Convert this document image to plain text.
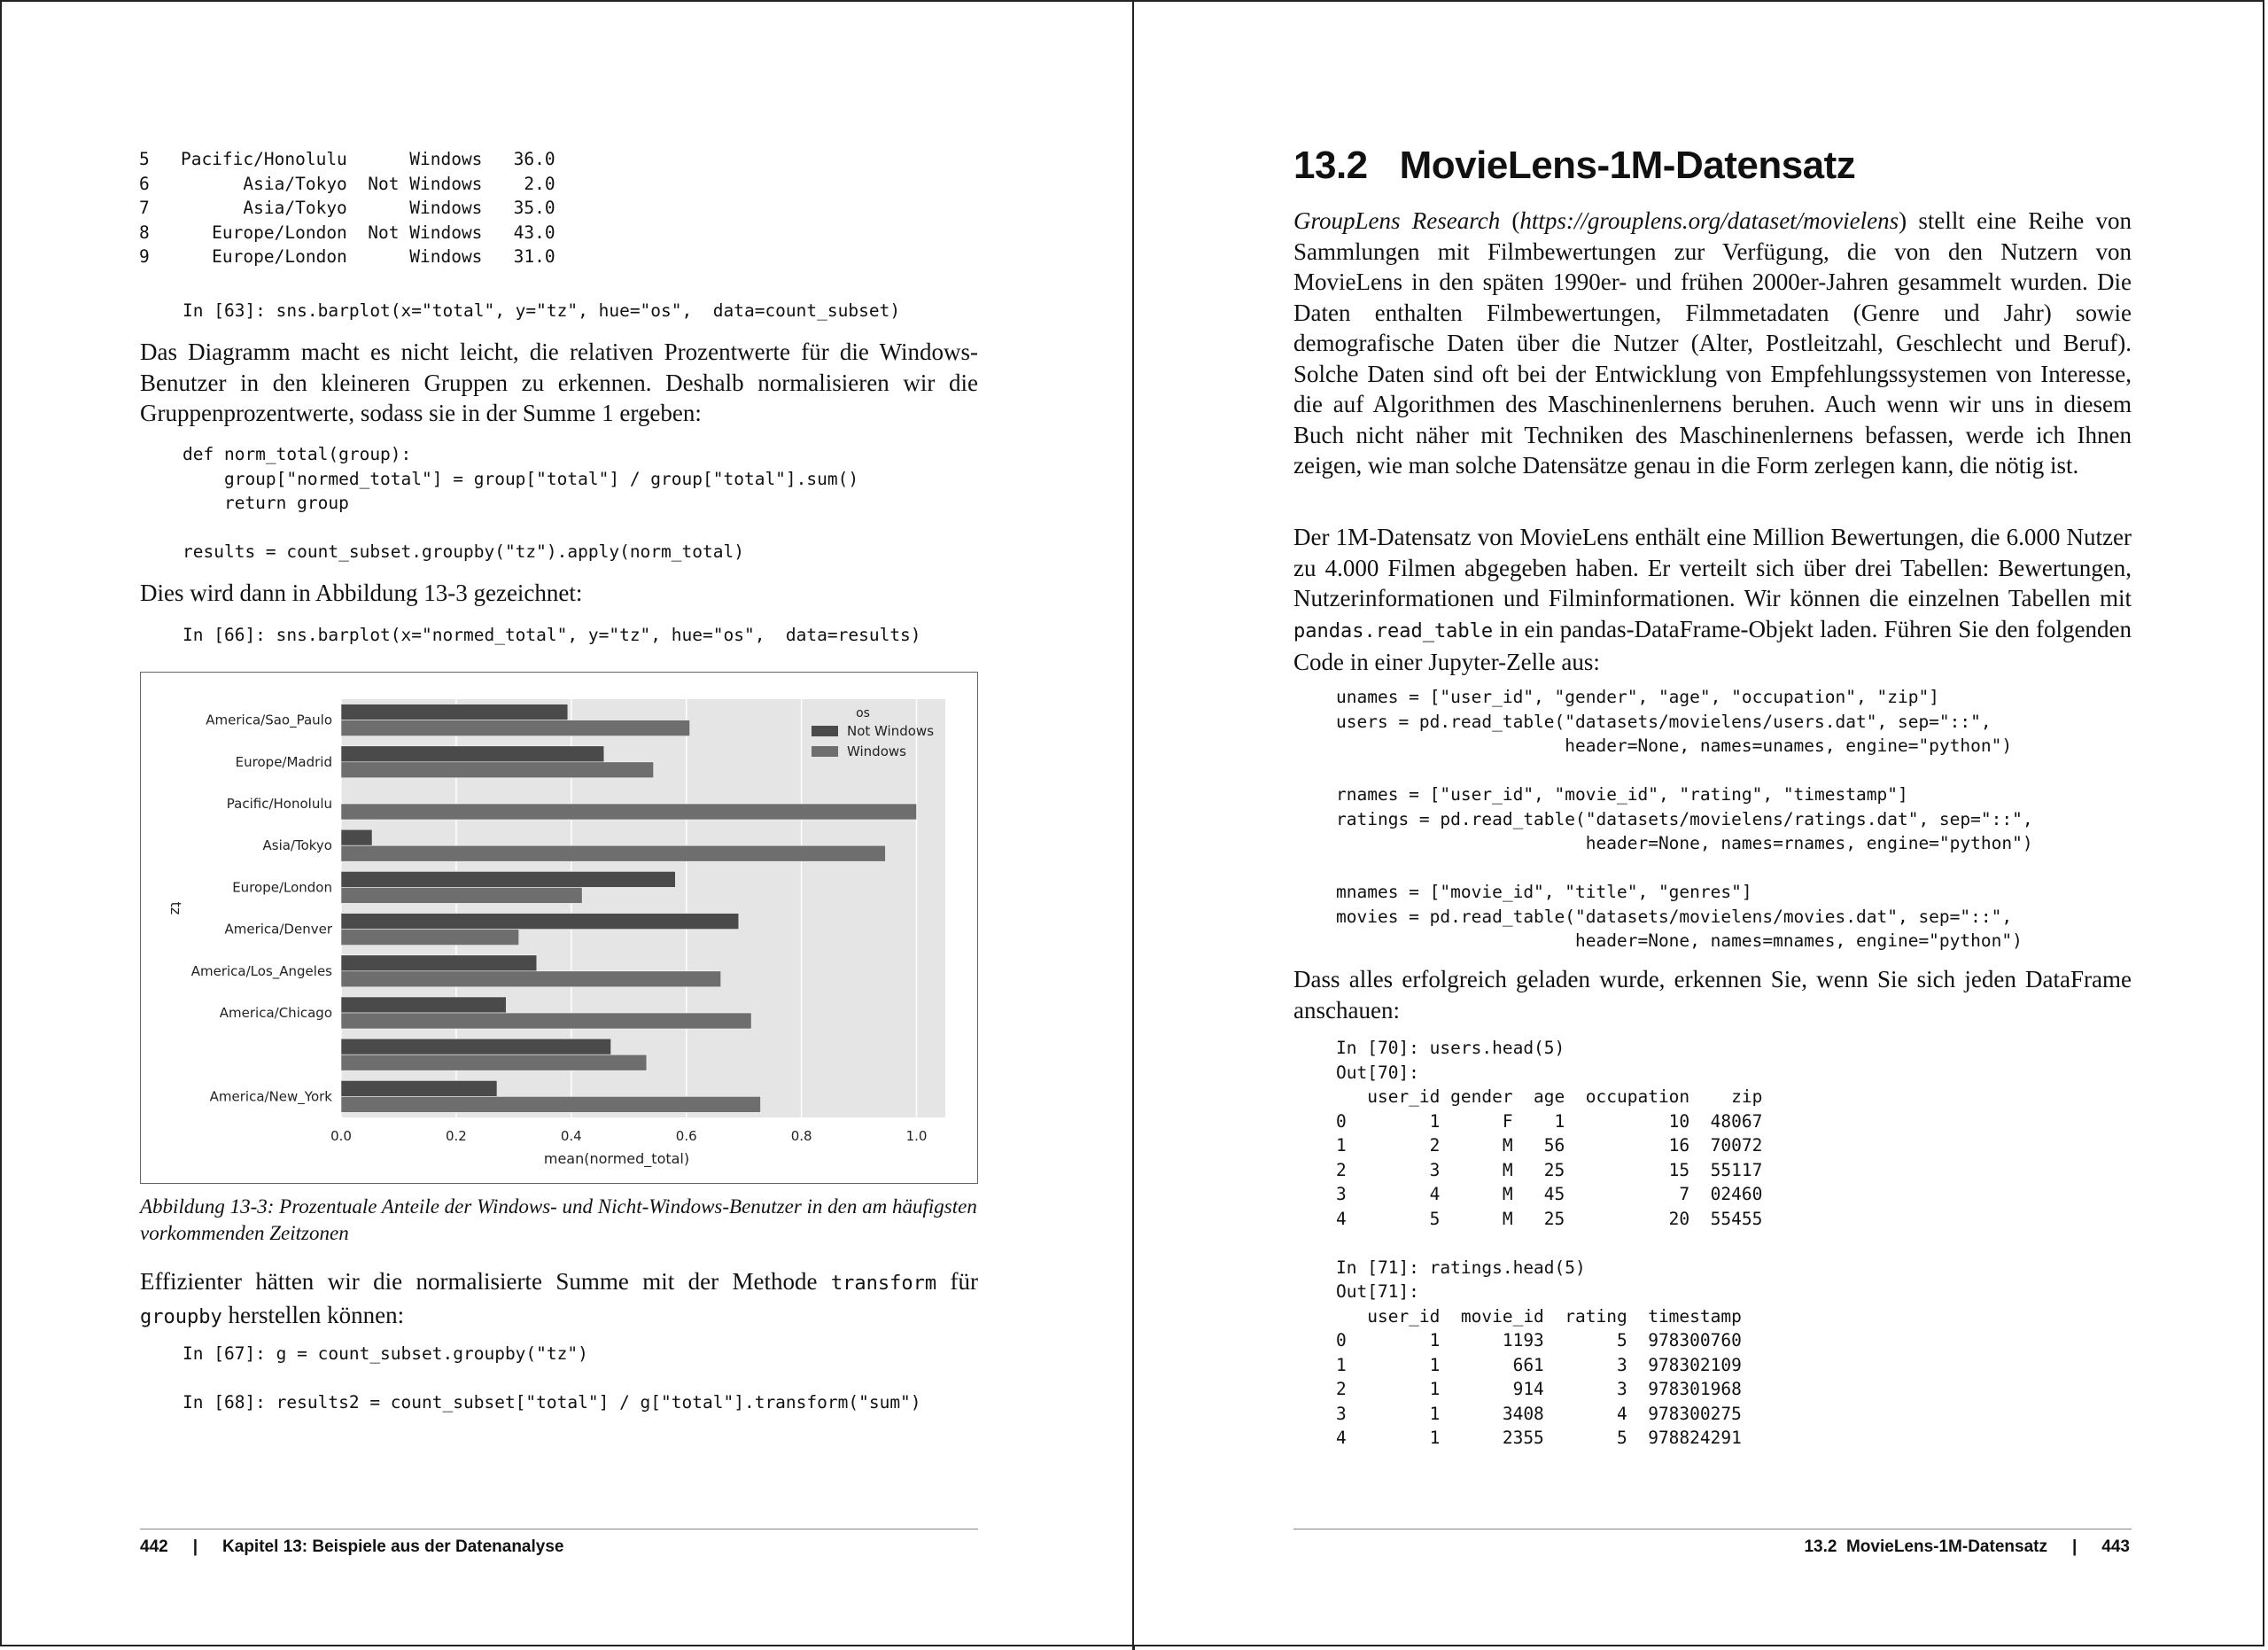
5   Pacific/Honolulu      Windows   36.0
6         Asia/Tokyo  Not Windows    2.0
7         Asia/Tokyo      Windows   35.0
8      Europe/London  Not Windows   43.0
9      Europe/London      Windows   31.0
In [63]: sns.barplot(x="total", y="tz", hue="os",  data=count_subset)

Das Diagramm macht es nicht leicht, die relativen Prozentwerte für die Windows-Benutzer in den kleineren Gruppen zu erkennen. Deshalb normalisieren wir die Gruppenprozentwerte, sodass sie in der Summe 1 ergeben:

def norm_total(group):
group["normed_total"] = group["total"] / group["total"].sum()
return group

results = count_subset.groupby("tz").apply(norm_total)

Dies wird dann in Abbildung 13-3 gezeichnet:

In [66]: sns.barplot(x="normed_total", y="tz", hue="os",  data=results)
0.0	0.2	0.4	0.6	0.8	1.0
America/Sao_Paulo
Europe/Madrid
Pacific/Honolulu
Asia/Tokyo
Europe/London
America/Denver
America/Los_Angeles
America/Chicago
America/New_York
mean(normed_total)
tz
os
Not Windows
Windows

Abbildung 13-3: Prozentuale Anteile der Windows- und Nicht-Windows-Benutzer in den am häufigsten vorkommenden Zeitzonen

Effizienter hätten wir die normalisierte Summe mit der Methode transform für groupby herstellen können:

In [67]: g = count_subset.groupby("tz")

In [68]: results2 = count_subset["total"] / g["total"].transform("sum")
442 | Kapitel 13: Beispiele aus der Datenanalyse
13.2 MovieLens-1M-Datensatz

GroupLens Research (https://grouplens.org/dataset/movielens) stellt eine Reihe von Sammlungen mit Filmbewertungen zur Verfügung, die von den Nutzern von MovieLens in den späten 1990er- und frühen 2000er-Jahren gesammelt wurden. Die Daten enthalten Filmbewertungen, Filmmetadaten (Genre und Jahr) sowie demografische Daten über die Nutzer (Alter, Postleitzahl, Geschlecht und Beruf). Solche Daten sind oft bei der Entwicklung von Empfehlungssystemen von Interesse, die auf Algorithmen des Maschinenlernens beruhen. Auch wenn wir uns in diesem Buch nicht näher mit Techniken des Maschinenlernens befassen, werde ich Ihnen zeigen, wie man solche Datensätze genau in die Form zerlegen kann, die nötig ist.

Der 1M-Datensatz von MovieLens enthält eine Million Bewertungen, die 6.000 Nutzer zu 4.000 Filmen abgegeben haben. Er verteilt sich über drei Tabellen: Bewertungen, Nutzerinformationen und Filminformationen. Wir können die einzelnen Tabellen mit pandas.read_table in ein pandas-DataFrame-Objekt laden. Führen Sie den folgenden Code in einer Jupyter-Zelle aus:

unames = ["user_id", "gender", "age", "occupation", "zip"]
users = pd.read_table("datasets/movielens/users.dat", sep="::",
header=None, names=unames, engine="python")

rnames = ["user_id", "movie_id", "rating", "timestamp"]
ratings = pd.read_table("datasets/movielens/ratings.dat", sep="::",
header=None, names=rnames, engine="python")

mnames = ["movie_id", "title", "genres"]
movies = pd.read_table("datasets/movielens/movies.dat", sep="::",
header=None, names=mnames, engine="python")

Dass alles erfolgreich geladen wurde, erkennen Sie, wenn Sie sich jeden DataFrame anschauen:

In [70]: users.head(5)
Out[70]:
user_id gender  age  occupation    zip
0        1      F    1          10  48067
1        2      M   56          16  70072
2        3      M   25          15  55117
3        4      M   45           7  02460
4        5      M   25          20  55455

In [71]: ratings.head(5)
Out[71]:
user_id  movie_id  rating  timestamp
0        1      1193       5  978300760
1        1       661       3  978302109
2        1       914       3  978301968
3        1      3408       4  978300275
4        1      2355       5  978824291
13.2  MovieLens-1M-Datensatz | 443
